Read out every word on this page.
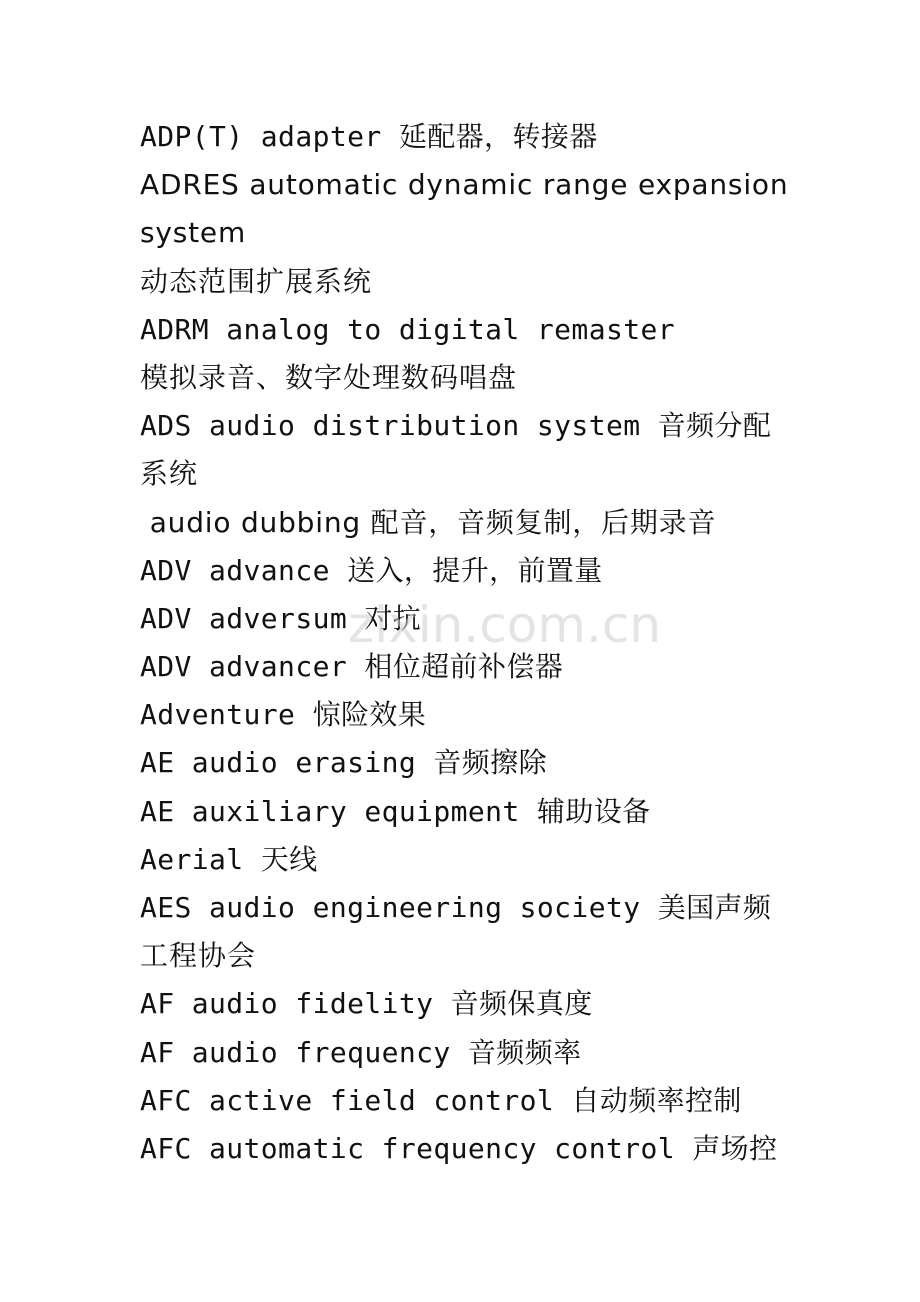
ADP(T) adapter 延配器，转接器
ADRES automatic dynamic range expansion
system
动态范围扩展系统
ADRM analog to digital remaster
模拟录音、数字处理数码唱盘
ADS audio distribution system 音频分配
系统
audio dubbing 配音，音频复制，后期录音
ADV advance 送入，提升，前置量
ADV adversum 对抗
ADV advancer 相位超前补偿器
Adventure 惊险效果
AE audio erasing 音频擦除
AE auxiliary equipment 辅助设备
Aerial 天线
AES audio engineering society 美国声频
工程协会
AF audio fidelity 音频保真度
AF audio frequency 音频频率
AFC active field control 自动频率控制
AFC automatic frequency control 声场控
zixin.com.cn
